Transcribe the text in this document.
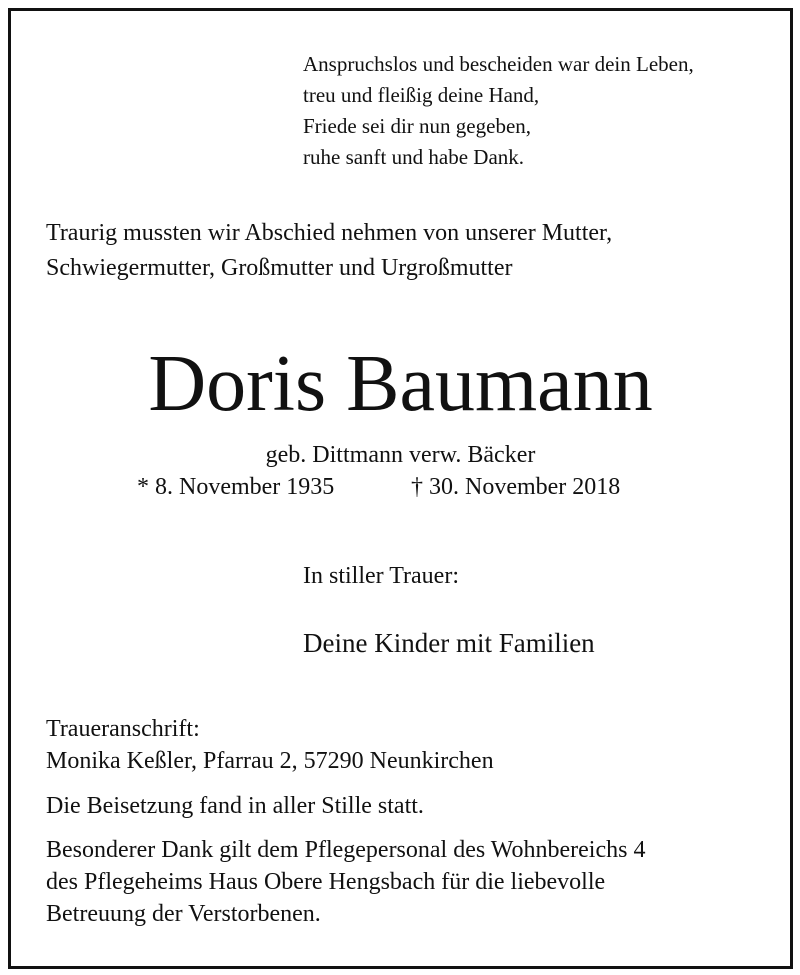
Anspruchslos und bescheiden war dein Leben,
treu und fleißig deine Hand,
Friede sei dir nun gegeben,
ruhe sanft und habe Dank.
Traurig mussten wir Abschied nehmen von unserer Mutter,
Schwiegermutter, Großmutter und Urgroßmutter
Doris Baumann
geb. Dittmann verw. Bäcker
* 8. November 1935	† 30. November 2018
In stiller Trauer:
Deine Kinder mit Familien
Traueranschrift:
Monika Keßler, Pfarrau 2, 57290 Neunkirchen
Die Beisetzung fand in aller Stille statt.
Besonderer Dank gilt dem Pflegepersonal des Wohnbereichs 4
des Pflegeheims Haus Obere Hengsbach für die liebevolle
Betreuung der Verstorbenen.
